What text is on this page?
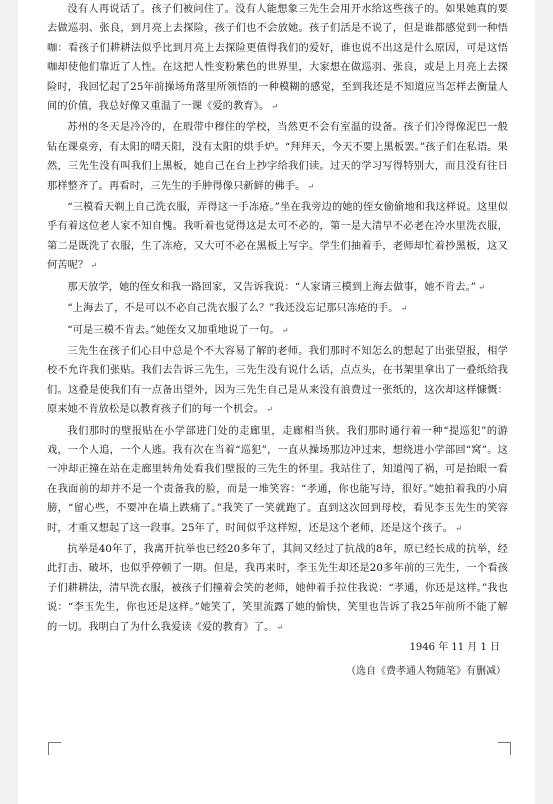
没有人再说话了。孩子们被问住了。没有人能想象三先生会用开水给这些孩子的。如果她真的要去做巡羽、张良，到月亮上去探险，孩子们也不会放她。孩子们活是不说了，但是谁都感觉到一种悟咖：看孩子们耕耕法似乎比到月亮上去探险更值得我们的爱好，谁也说不出这是什么原因，可是这悟咖却使他们靠近了人性。在这把人性变粉紫色的世界里，大家想在做巡羽、张良，或是上月亮上去探险时，我回忆起了25年前操场角落里所领悟的一种模糊的感觉，至到我还是不知道应当怎样去衡量人间的价值，我总好像又重温了一课《爱的教育》。 ↵

苏州的冬天是冷冷的，在瑕带中穆住的学校，当然更不会有室温的设备。孩子们冷得像泥巴一般钻在课桌旁，有太阳的晴天阳，没有太阳的烘手炉。“拜拜天，今天不要上黑板罢。”孩子们在私语。果然，三先生没有叫我们上黑板，她自己在台上抄字给我们读。过天的学习写得特别大，而且没有往日那样整齐了。再看时，三先生的手肿得像只新鲜的佛手。 ↵

“三模看天剃上自己洗衣服，弄得这一手冻疮。”坐在我旁边的她的侄女偷偷地和我这样说。这里似乎有着这位老人家不知自愧。我听着也觉得这是太可不必的，第一是大清早不必老在冷水里洗衣服，第二是既洗了衣服，生了冻疮，又大可不必在黑板上写字。学生们抽着手，老师却忙着抄黑板，这又何苦呢？ ↵

那天放学，她的侄女和我一路回家，又告诉我说：“人家请三模到上海去做事，她不肯去。” ↵

“上海去了，不是可以不必自己洗衣服了么？”我还没忘记那只冻疮的手。 ↵

“可是三模不肯去。”她侄女又加重地说了一句。 ↵

三先生在孩子们心目中总是个不大容易了解的老师。我们那时不知怎么的想起了出张望报，相学校不允许我们张贴。我们去告诉三先生，三先生没有说什么话，点点头，在书架里拿出了一叠纸给我们。这叠是使我们有一点备出望外，因为三先生自己是从来没有浪费过一张纸的，这次却这样慷慨：原来她不肯放松是以教育孩子们的每一个机会。 ↵

我们那时的壁报贴在小学部进门处的走廊里，走廊相当狭。我们那时通行着一种“提巡犯”的游戏，一个人追，一个人逃。我有次在当着“巡犯”，一直从操场那边冲过来，想绕进小学部回“窝”。这一冲却正撞在站在走廊里转角处看我们壁报的三先生的怀里。我站住了，知道闯了祸，可是抬眼一看在我面前的却并不是一个责备我的脸，而是一堆笑容：“孝通，你也能写诗，很好。”她拍着我的小肩膀，“留心些，不要冲在墙上跌痛了。”我笑了一笑就跑了。直到这次回到母校，看见李玉先生的笑容时，才重又想起了这一段事。25年了，时间似乎这样短，还是这个老师，还是这个孩子。 ↵

抗举是40年了，我离开抗举也已经20多年了，其间又经过了抗战的8年，原已经长成的抗举，经此打击、破坏，也似乎停顿了一期。但是，我再来时，李玉先生却还是20多年前的三先生，一个看孩子们耕耕法，清早洗衣服，被孩子们撞着会笑的老师，她伸着手拉住我说：“孝通，你还是这样。”我也说：“李玉先生，你也还是这样。”她笑了，笑里流露了她的愉快，笑里也告诉了我25年前所不能了解的一切。我明白了为什么我爱读《爱的教育》了。 ↵

1946 年 11 月 1 日
（选自《费孝通人物随笔》有删减）
